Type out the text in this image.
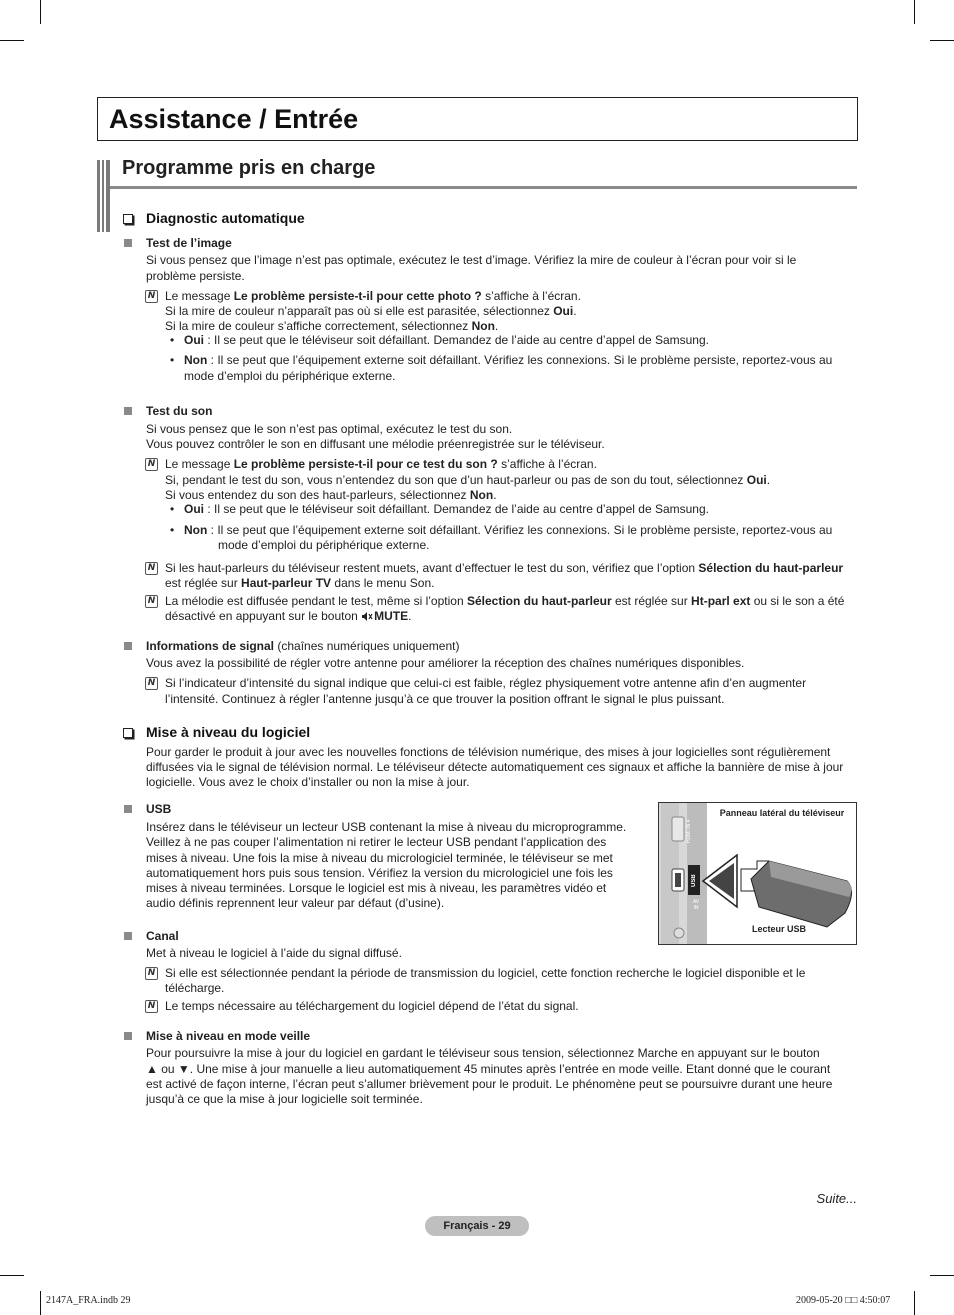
Assistance / Entrée
Programme pris en charge
Diagnostic automatique
Test de l’image
Si vous pensez que l’image n’est pas optimale, exécutez le test d’image. Vérifiez la mire de couleur à l’écran pour voir si le
problème persiste.
N Le message Le problème persiste-t-il pour cette photo ? s’affiche à l’écran.
Si la mire de couleur n’apparaît pas où si elle est parasitée, sélectionnez Oui.
Si la mire de couleur s’affiche correctement, sélectionnez Non.
• Oui : Il se peut que le téléviseur soit défaillant. Demandez de l’aide au centre d’appel de Samsung.
• Non : Il se peut que l’équipement externe soit défaillant. Vérifiez les connexions. Si le problème persiste, reportez-vous au
mode d’emploi du périphérique externe.
Test du son
Si vous pensez que le son n’est pas optimal, exécutez le test du son.
Vous pouvez contrôler le son en diffusant une mélodie préenregistrée sur le téléviseur.
N Le message Le problème persiste-t-il pour ce test du son ? s’affiche à l’écran.
Si, pendant le test du son, vous n’entendez du son que d’un haut-parleur ou pas de son du tout, sélectionnez Oui.
Si vous entendez du son des haut-parleurs, sélectionnez Non.
• Oui : Il se peut que le téléviseur soit défaillant. Demandez de l’aide au centre d’appel de Samsung.
• Non : Il se peut que l’équipement externe soit défaillant. Vérifiez les connexions. Si le problème persiste, reportez-vous au
mode d’emploi du périphérique externe.
N Si les haut-parleurs du téléviseur restent muets, avant d’effectuer le test du son, vérifiez que l’option Sélection du haut-parleur
est réglée sur Haut-parleur TV dans le menu Son.
N La mélodie est diffusée pendant le test, même si l’option Sélection du haut-parleur est réglée sur Ht-parl ext ou si le son a été
désactivé en appuyant sur le bouton MUTE.
Informations de signal (chaînes numériques uniquement)
Vous avez la possibilité de régler votre antenne pour améliorer la réception des chaînes numériques disponibles.
N Si l’indicateur d’intensité du signal indique que celui-ci est faible, réglez physiquement votre antenne afin d’en augmenter
l’intensité. Continuez à régler l’antenne jusqu’à ce que trouver la position offrant le signal le plus puissant.
Mise à niveau du logiciel
Pour garder le produit à jour avec les nouvelles fonctions de télévision numérique, des mises à jour logicielles sont régulièrement
diffusées via le signal de télévision normal. Le téléviseur détecte automatiquement ces signaux et affiche la bannière de mise à jour
logicielle. Vous avez le choix d’installer ou non la mise à jour.
USB
Insérez dans le téléviseur un lecteur USB contenant la mise à niveau du microprogramme.
Veillez à ne pas couper l’alimentation ni retirer le lecteur USB pendant l’application des
mises à niveau. Une fois la mise à niveau du micrologiciel terminée, le téléviseur se met
automatiquement hors puis sous tension. Vérifiez la version du micrologiciel une fois les
mises à niveau terminées. Lorsque le logiciel est mis à niveau, les paramètres vidéo et
audio définis reprennent leur valeur par défaut (d’usine).
HDMI IN 4
USB
AV IN
Panneau latéral du téléviseur
Lecteur USB
Canal
Met à niveau le logiciel à l’aide du signal diffusé.
N Si elle est sélectionnée pendant la période de transmission du logiciel, cette fonction recherche le logiciel disponible et le
télécharge.
N Le temps nécessaire au téléchargement du logiciel dépend de l’état du signal.
Mise à niveau en mode veille
Pour poursuivre la mise à jour du logiciel en gardant le téléviseur sous tension, sélectionnez Marche en appuyant sur le bouton
▲ ou ▼. Une mise à jour manuelle a lieu automatiquement 45 minutes après l’entrée en mode veille. Etant donné que le courant
est activé de façon interne, l’écran peut s’allumer brièvement pour le produit. Le phénomène peut se poursuivre durant une heure
jusqu’à ce que la mise à jour logicielle soit terminée.
Suite...
Français - 29
2147A_FRA.indb 29	2009-05-20 □□ 4:50:07
